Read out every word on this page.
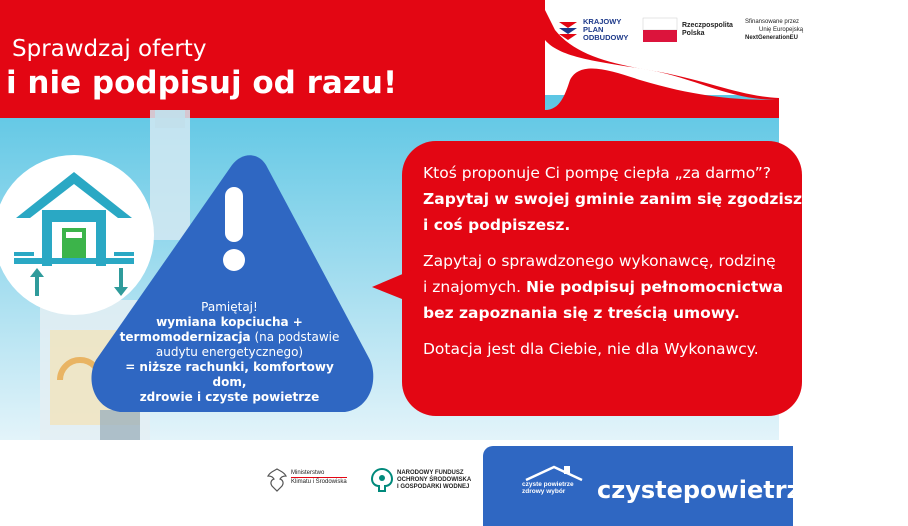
Sprawdzaj oferty
i nie podpisuj od razu!
KRAJOWY
PLAN
ODBUDOWY
Rzeczpospolita
Polska
Sfinansowane przez
Unię Europejską
NextGenerationEU
Pamiętaj!
wymiana kopciucha +
termomodernizacja (na podstawie
audytu energetycznego)
= niższe rachunki, komfortowy dom,
zdrowie i czyste powietrze

Ktoś proponuje Ci pompę ciepła „za darmo”?
Zapytaj w swojej gminie zanim się zgodzisz
i coś podpiszesz.

Zapytaj o sprawdzonego wykonawcę, rodzinę
i znajomych. Nie podpisuj pełnomocnictwa
bez zapoznania się z treścią umowy.

Dotacja jest dla Ciebie, nie dla Wykonawcy.

Ministerstwo
Klimatu i Środowiska
NARODOWY FUNDUSZ
OCHRONY ŚRODOWISKA
I GOSPODARKI WODNEJ	czyste powietrze
zdrowy wybór	czystepowietrze.gov.pl
